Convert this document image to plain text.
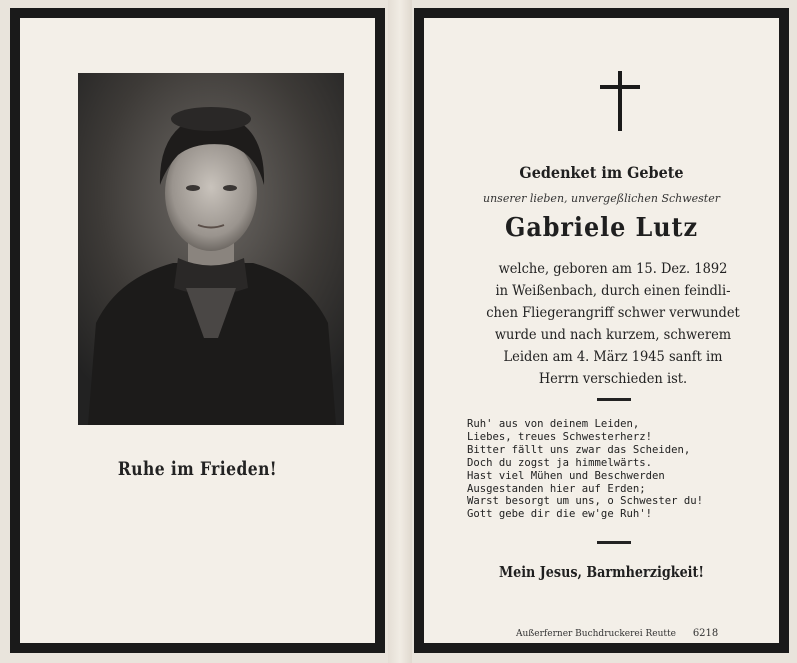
Ruhe im Frieden!
Gedenket im Gebete
unserer lieben, unvergeßlichen Schwester
Gabriele Lutz
welche, geboren am 15. Dez. 1892
in Weißenbach, durch einen feindli-
chen Fliegerangriff schwer verwundet
wurde und nach kurzem, schwerem
Leiden am 4. März 1945 sanft im
Herrn verschieden ist.
Ruh' aus von deinem Leiden,
Liebes, treues Schwesterherz!
Bitter fällt uns zwar das Scheiden,
Doch du zogst ja himmelwärts.
Hast viel Mühen und Beschwerden
Ausgestanden hier auf Erden;
Warst besorgt um uns, o Schwester du!
Gott gebe dir die ew'ge Ruh'!
Mein Jesus, Barmherzigkeit!
Außerferner Buchdruckerei Reutte 6218
